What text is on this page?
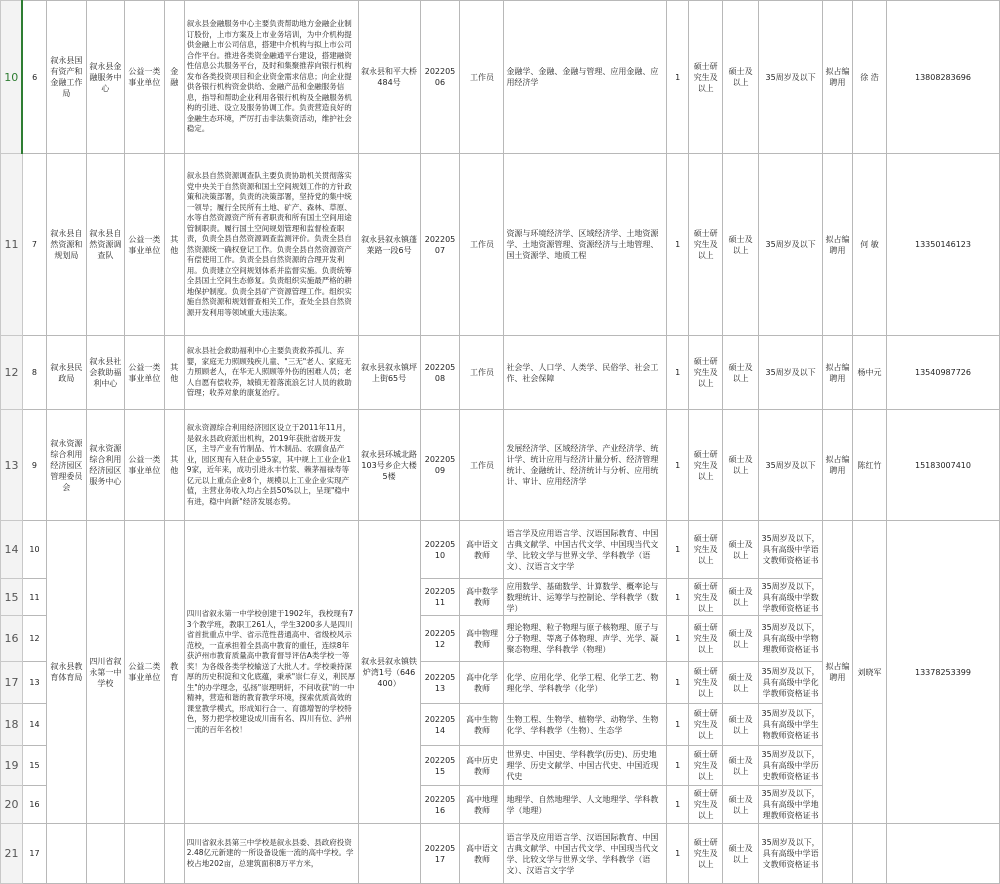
10	6	叙永县国有资产和金融工作局	叙永县金融服务中心	公益一类事业单位	金融	叙永县金融服务中心主要负责帮助地方金融企业制订股份，上市方案及上市业务培训，为中介机构提供金融上市公司信息，搭建中介机构与拟上市公司合作平台。推进各类资金融通平台建设，搭建融资性信息公共服务平台，及时和集聚推荐向银行机构发布各类投资项目和企业资金需求信息；向企业提供各银行机构资金供给、金融产品和金融服务信息，指导和帮助企业利用各银行机构及全融服务机构的引进、设立及服务协调工作。负责营造良好的金融生态环境，严厉打击非法集资活动，维护社会稳定。	叙永县和平大桥484号	20220506	工作员	金融学、金融、金融与管理、应用金融、应用经济学	1	硕士研究生及以上	硕士及以上	35周岁及以下	拟占编聘用	徐 浩	13808283696
11	7	叙永县自然资源和规划局	叙永县自然资源调查队	公益一类事业单位	其他	叙永县自然资源调查队主要负责协助机关贯彻落实党中央关于自然资源和国土空间规划工作的方针政策和决策部署，负责的决策部署，坚持党的集中统一领导；履行全民所有土地、矿产、森林、草原、水等自然资源资产所有者职责和所有国土空间用途管制职责。履行国土空间规划管理和监督检查职责，负责全县自然资源调查监测评价。负责全县自然资源统一确权登记工作。负责全县自然资源资产有偿使用工作。负责全县自然资源的合理开发利用。负责建立空间规划体系并监督实施。负责统筹全县国土空间生态修复。负责组织实施最严格的耕地保护制度。负责全县矿产资源管理工作。组织实施自然资源和规划督查相关工作，查处全县自然资源开发利用等领域重大违法案。	叙永县叙永镇蓬莱路一段6号	20220507	工作员	资源与环境经济学、区域经济学、土地资源学、土地资源管理、资源经济与土地管理、国土资源学、地质工程	1	硕士研究生及以上	硕士及以上	35周岁及以下	拟占编聘用	何 敏	13350146123
12	8	叙永县民政局	叙永县社会救助福利中心	公益一类事业单位	其他	叙永县社会救助福利中心主要负责救养孤儿、弃婴，家庭无力照顾残疾儿童、"三无"老人、家庭无力照顾老人，在华无人照顾等外伤的困难人员；老人自愿有偿收养，城镇无着落流浪乞讨人员的救助管理；收养对象的康复治疗。	叙永县叙永镇坪上街65号	20220508	工作员	社会学、人口学、人类学、民俗学、社会工作、社会保障	1	硕士研究生及以上	硕士及以上	35周岁及以下	拟占编聘用	杨中元	13540987726
13	9	叙永资源综合利用经济园区管理委员会	叙永资源综合利用经济园区服务中心	公益一类事业单位	其他	叙永资源综合利用经济园区设立于2011年11月，是叙永县政府派出机构，2019年获批省级开发区，主导产业有竹制品、竹木制品、农副食品产业，园区现有入驻企业55家，其中规上工业企业19家，近年来，成功引进永丰竹浆、赖茅福禄寿等亿元以上重点企业8个，规模以上工业企业实现产值，主营业务收入均占全县50%以上，呈现"稳中有进，稳中向新"经济发展态势。	叙永县环城北路103号乡企大楼5楼	20220509	工作员	发展经济学、区域经济学、产业经济学、统计学、统计应用与经济计量分析、经济管理统计、金融统计、经济统计与分析、应用统计、审计、应用经济学	1	硕士研究生及以上	硕士及以上	35周岁及以下	拟占编聘用	陈红竹	15183007410
14	10	叙永县教育体育局	四川省叙永第一中学校	公益二类事业单位	教育	四川省叙永第一中学校创建于1902年，我校现有73个教学班，教职工261人，学生3200多人是四川省首批重点中学、省示范性普通高中、省级校风示范校，一直承担着全县高中教育的重任，连续8年获泸州市教育质量高中教育督导评估A类学校一等奖！为各级各类学校输送了大批人才。学校秉持深厚的历史积淀和文化底蕴，秉承"崇仁存义，利民厚生"的办学理念，弘扬"崇理明轩，不问收获"的一中精神，营造和谐的教育教学环境，探索优质高效的课堂教学模式，形成知行合一、育德增智的学校特色，努力把学校建设成川南有名、四川有位、泸州一流的百年名校！	叙永县叙永镇铁炉湾1号（646400）	20220510	高中语文教师	语言学及应用语言学、汉语国际教育、中国古典文献学、中国古代文学、中国现当代文学、比较文学与世界文学、学科教学（语文）、汉语言文字学	1	硕士研究生及以上	硕士及以上	35周岁及以下，具有高级中学语文教师资格证书	拟占编聘用	刘晓军	13378253399
15	11							20220511	高中数学教师	应用数学、基础数学、计算数学、概率论与数理统计、运筹学与控制论、学科教学（数学）	1	硕士研究生及以上	硕士及以上	35周岁及以下，具有高级中学数学教师资格证书			
16	12							20220512	高中物理教师	理论物理、粒子物理与原子核物理、原子与分子物理、等离子体物理、声学、光学、凝聚态物理、学科教学（物理）	1	硕士研究生及以上	硕士及以上	35周岁及以下，具有高级中学物理教师资格证书			
17	13							20220513	高中化学教师	化学、应用化学、化学工程、化学工艺、物理化学、学科教学（化学）	1	硕士研究生及以上	硕士及以上	35周岁及以下，具有高级中学化学教师资格证书			
18	14							20220514	高中生物教师	生物工程、生物学、植物学、动物学、生物化学、学科教学（生物）、生态学	1	硕士研究生及以上	硕士及以上	35周岁及以下，具有高级中学生物教师资格证书			
19	15							20220515	高中历史教师	世界史、中国史、学科教学(历史)、历史地理学、历史文献学、中国古代史、中国近现代史	1	硕士研究生及以上	硕士及以上	35周岁及以下，具有高级中学历史教师资格证书			
20	16							20220516	高中地理教师	地理学、自然地理学、人文地理学、学科教学（地理）	1	硕士研究生及以上	硕士及以上	35周岁及以下，具有高级中学地理教师资格证书			
21	17					四川省叙永县第三中学校是叙永县委、县政府投资2.48亿元新建的一所设备设施一流的高中学校。学校占地202亩，总建筑面积8万平方米，		20220517	高中语文教师	语言学及应用语言学、汉语国际教育、中国古典文献学、中国古代文学、中国现当代文学、比较文学与世界文学、学科教学（语文）、汉语言文字学	1	硕士研究生及以上	硕士及以上	35周岁及以下，具有高级中学语文教师资格证书			
